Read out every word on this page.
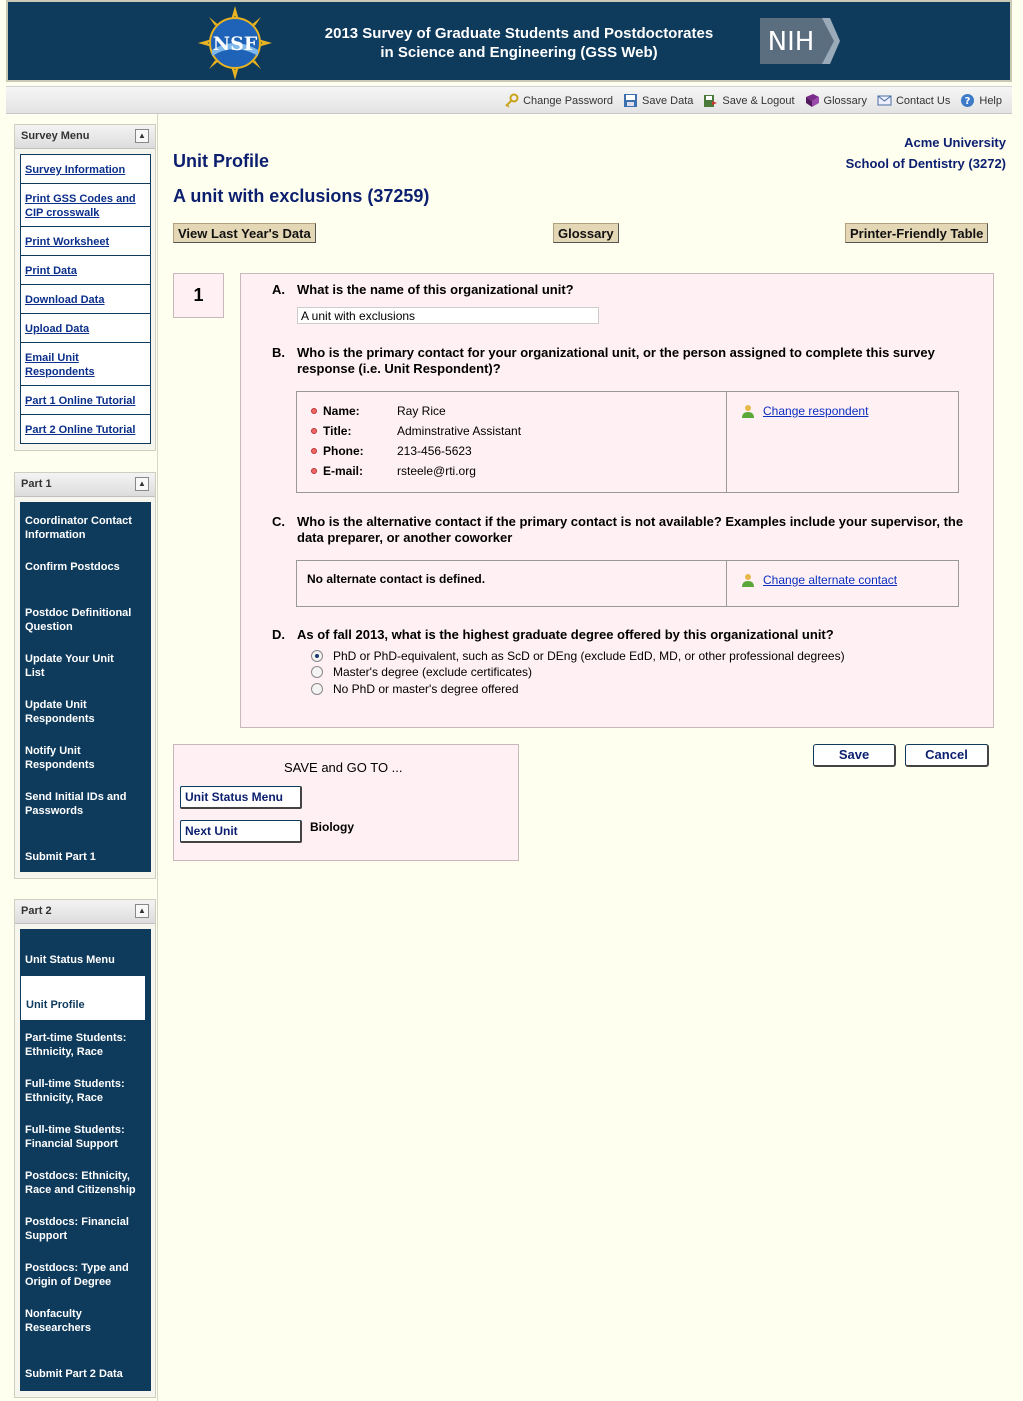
NSF	2013 Survey of Graduate Students and Postdoctorates
in Science and Engineering (GSS Web)	NIH
Change Password	Save Data	Save & Logout	Glossary	Contact Us ? Help
Survey Menu	▲
Survey Information
Print GSS Codes and CIP crosswalk
Print Worksheet
Print Data
Download Data
Upload Data
Email Unit Respondents
Part 1 Online Tutorial
Part 2 Online Tutorial
Part 1	▲
Coordinator Contact Information
Confirm Postdocs
Postdoc Definitional Question
Update Your Unit List
Update Unit Respondents
Notify Unit Respondents
Send Initial IDs and Passwords
Submit Part 1
Part 2	▲
Unit Status Menu
Unit Profile
Part-time Students: Ethnicity, Race
Full-time Students: Ethnicity, Race
Full-time Students: Financial Support
Postdocs: Ethnicity, Race and Citizenship
Postdocs: Financial Support
Postdocs: Type and Origin of Degree
Nonfaculty Researchers
Submit Part 2 Data
Acme University
School of Dentistry (3272)
Unit Profile
A unit with exclusions (37259)
View Last Year's Data	Glossary	Printer-Friendly Table
1	A. What is the name of this organizational unit?
A unit with exclusions
B. Who is the primary contact for your organizational unit, or the person assigned to complete this survey response (i.e. Unit Respondent)?
Name:	Ray Rice
Title:	Adminstrative Assistant
Phone:	213-456-5623
E-mail:	rsteele@rti.org
Change respondent
C. Who is the alternative contact if the primary contact is not available? Examples include your supervisor, the data preparer, or another coworker
No alternate contact is defined.	Change alternate contact
D. As of fall 2013, what is the highest graduate degree offered by this organizational unit?
PhD or PhD-equivalent, such as ScD or DEng (exclude EdD, MD, or other professional degrees)
Master's degree (exclude certificates)
No PhD or master's degree offered
SAVE and GO TO ...
Unit Status Menu
Next Unit	Biology
Save	Cancel
